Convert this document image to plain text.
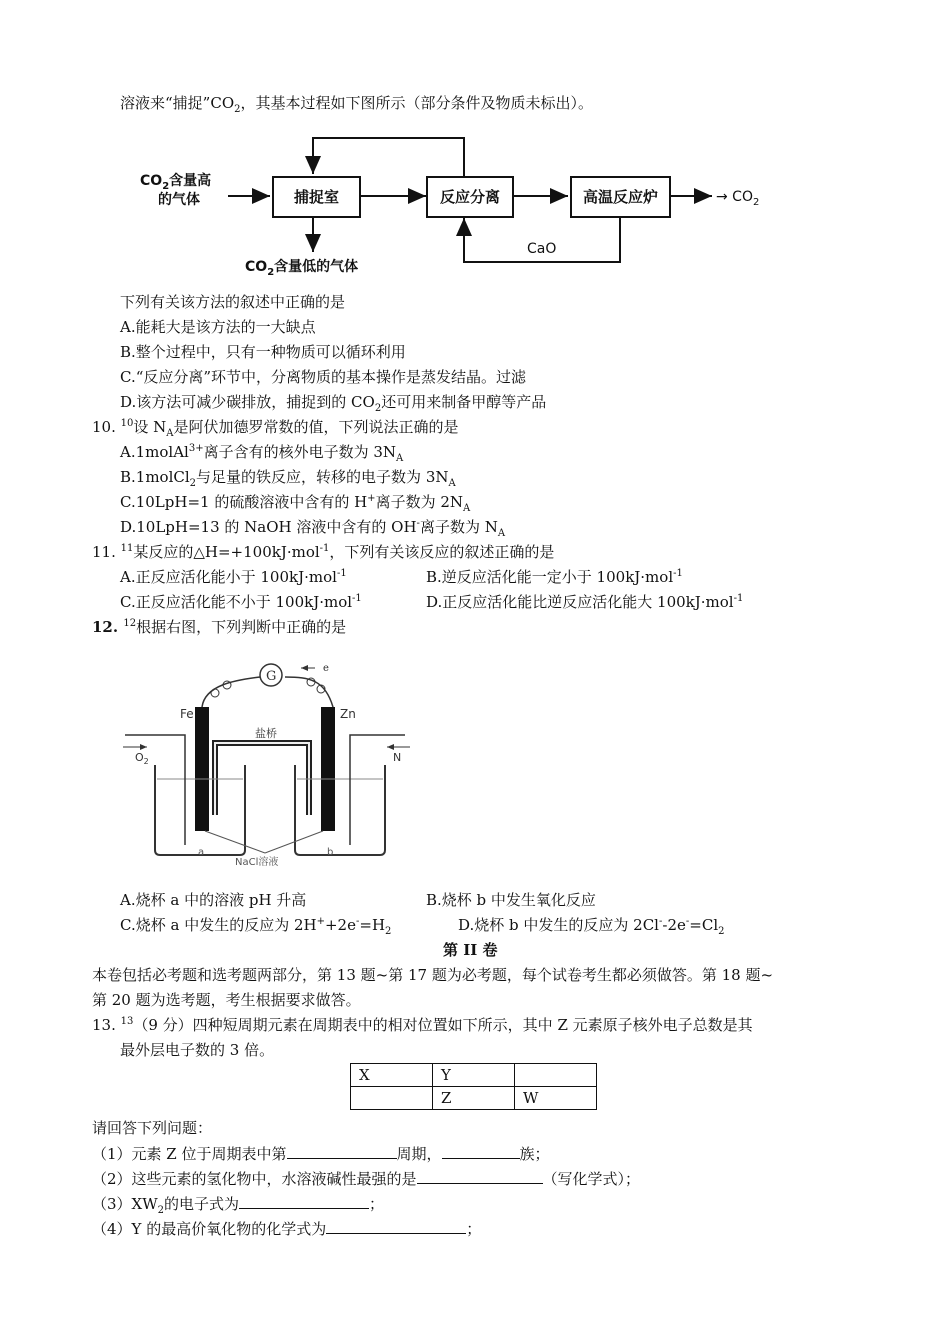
溶液来“捕捉$”CO_2$，其基本过程如下图所示（部分条件及物质未标出）。
$CO_2$含量高
的气体	捕捉室	反应分离	高温反应炉	→ $CO_2$
CaO
$CO_2$含量低的气体
下列有关该方法的叙述中正确的是
A.能耗大是该方法的一大缺点
B.整个过程中，只有一种物质可以循环利用
C.“反应分离”环节中，分离物质的基本操作是蒸发结晶。过滤
D.该方法可减少碳排放，捕捉到的 $CO_2$还可用来制备甲醇等产品
10. $^{10}$设 $N_A$是阿伏加德罗常数的值，下列说法正确的是
A.1molAl$^{3+}$离子含有的核外电子数为 $3N_A$
B.1molCl$_2$与足量的铁反应，转移的电子数为 $3N_A$
C.10LpH=1 的硫酸溶液中含有的 H+离子数为 $2N_A$
D.10LpH=13 的 NaOH 溶液中含有的 OH-离子数为 $N_A$
11. $^{11}$某反应的△H=+100kJ·mol$^{-1}$，下列有关该反应的叙述正确的是
A.正反应活化能小于 100kJ·mol$^{-1}$	B.逆反应活化能一定小于 100kJ·mol$^{-1}$
C.正反应活化能不小于 100kJ·mol$^{-1}$	D.正反应活化能比逆反应活化能大 100kJ·mol$^{-1}$
12. $^{12}$根据右图，下列判断中正确的是
G
e
Fe	Zn
盐桥
$O_2$	N
a	b
NaCl溶液
A.烧杯 a 中的溶液 pH 升高	B.烧杯 b 中发生氧化反应
C.烧杯 a 中发生的反应为 $2H^++2e^-=H_2$	D.烧杯 b 中发生的反应为 $2Cl^--2e^-=Cl_2$
第 II 卷
本卷包括必考题和选考题两部分，第 13 题~第 17 题为必考题，每个试卷考生都必须做答。第 18 题~
第 20 题为选考题，考生根据要求做答。
13. $^{13}$（9 分）四种短周期元素在周期表中的相对位置如下所示，其中 Z 元素原子核外电子总数是其
最外层电子数的 3 倍。
X	Y	
	Z	W
请回答下列问题：
（1）元素 Z 位于周期表中第	周期，	族；
（2）这些元素的氢化物中，水溶液碱性最强的是	（写化学式）；
$(3)XW_2$的电子式为	；
（4）Y 的最高价氧化物的化学式为	；
